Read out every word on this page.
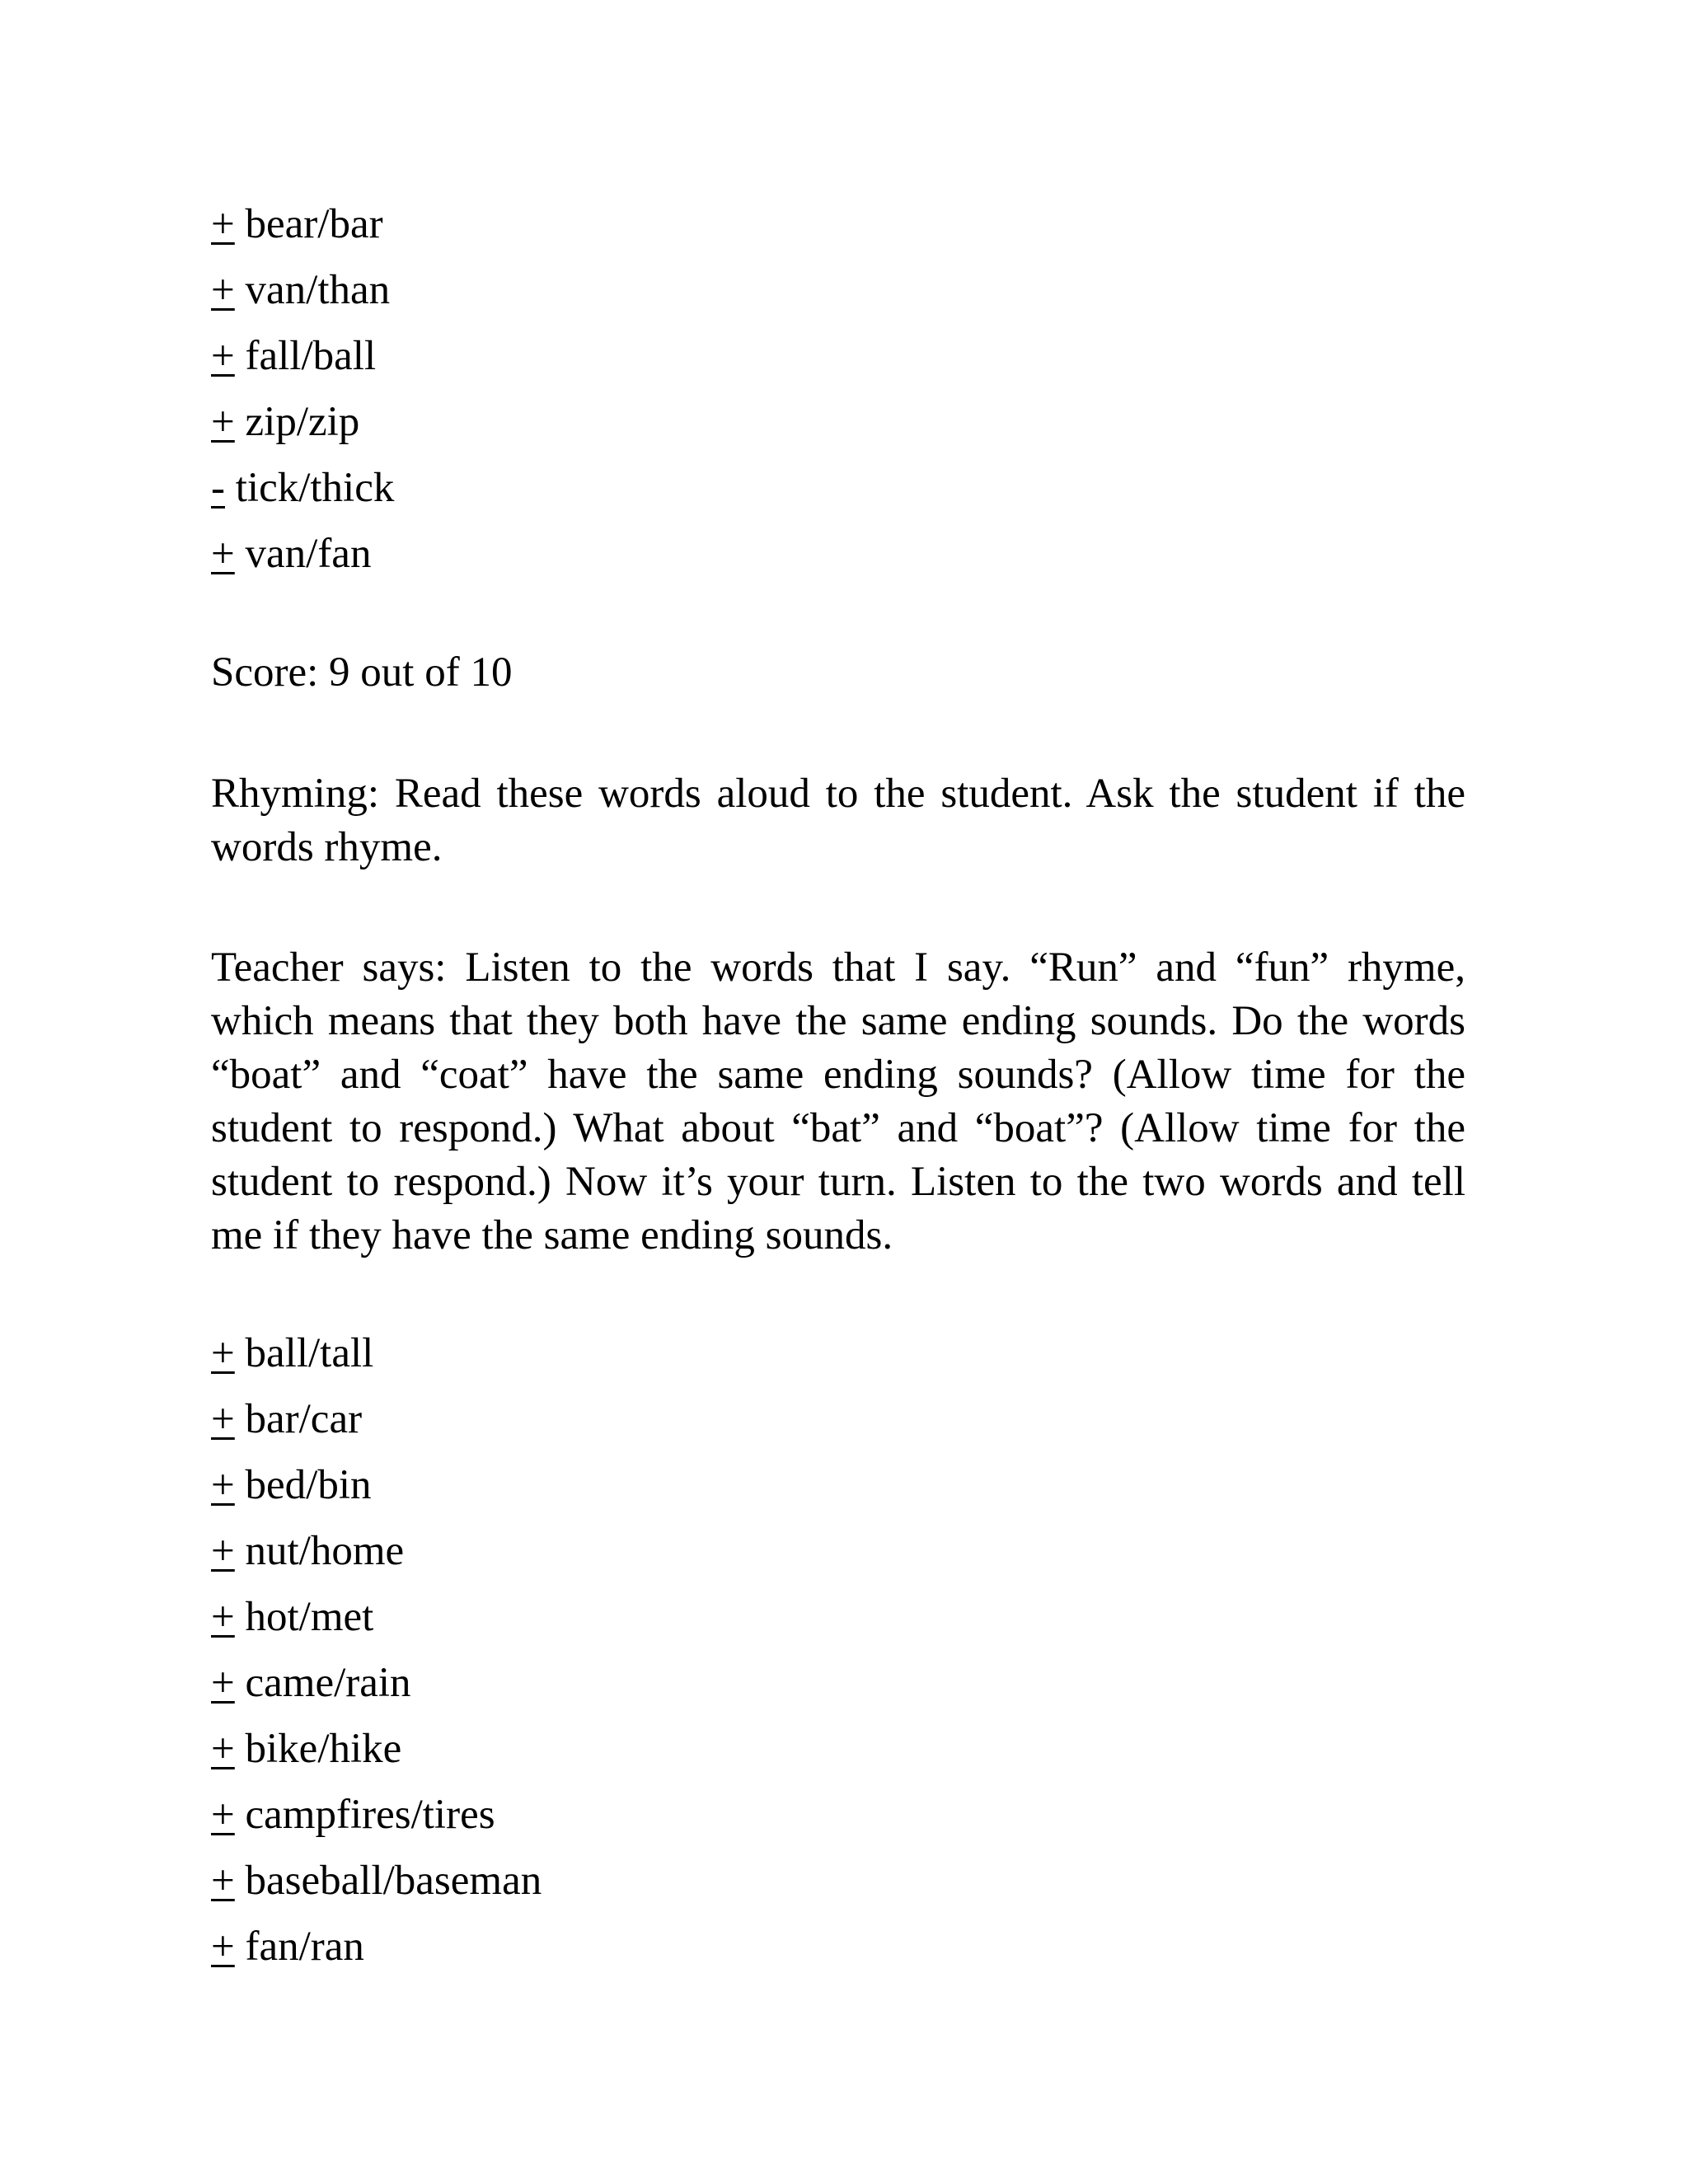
+ bear/bar
+ van/than
+ fall/ball
+ zip/zip
- tick/thick
+ van/fan

Score: 9 out of 10

Rhyming: Read these words aloud to the student. Ask the student if the words rhyme.

Teacher says: Listen to the words that I say. “Run” and “fun” rhyme, which means that they both have the same ending sounds. Do the words “boat” and “coat” have the same ending sounds? (Allow time for the student to respond.) What about “bat” and “boat”? (Allow time for the student to respond.) Now it’s your turn. Listen to the two words and tell me if they have the same ending sounds.

+ ball/tall
+ bar/car
+ bed/bin
+ nut/home
+ hot/met
+ came/rain
+ bike/hike
+ campfires/tires
+ baseball/baseman
+ fan/ran
